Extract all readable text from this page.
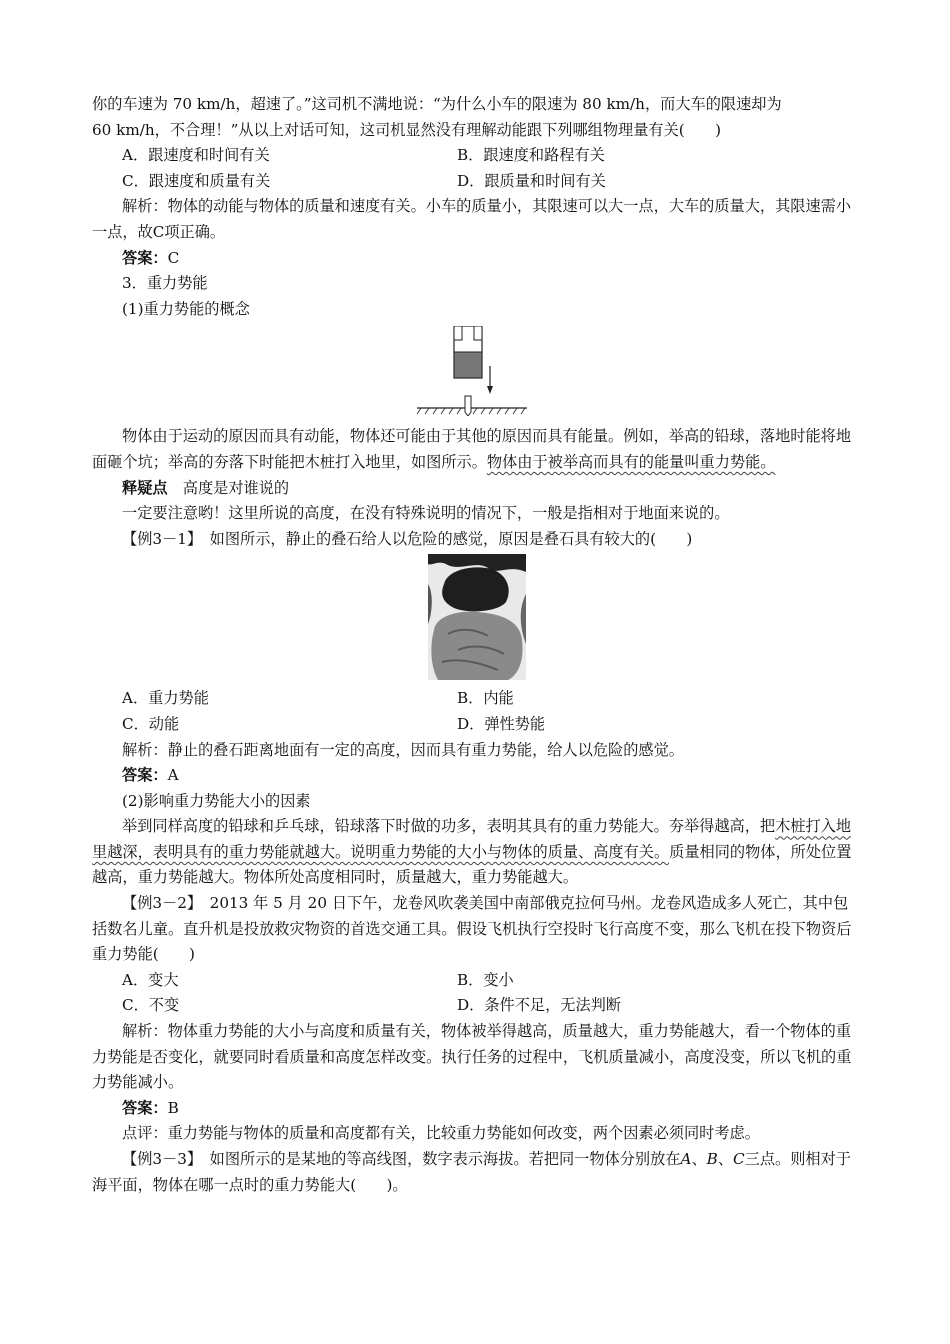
你的车速为 70 km/h，超速了。”这司机不满地说：“为什么小车的限速为 80 km/h，而大车的限速却为

60 km/h，不合理！”从以上对话可知，这司机显然没有理解动能跟下列哪组物理量有关(　　)

A．跟速度和时间有关	B．跟速度和路程有关
C．跟速度和质量有关	D．跟质量和时间有关

解析：物体的动能与物体的质量和速度有关。小车的质量小，其限速可以大一点，大车的质量大，其限速需小一点，故C项正确。

答案：C

3．重力势能

(1)重力势能的概念

物体由于运动的原因而具有动能，物体还可能由于其他的原因而具有能量。例如，举高的铅球，落地时能将地面砸个坑；举高的夯落下时能把木桩打入地里，如图所示。物体由于被举高而具有的能量叫重力势能。

释疑点　 高度是对谁说的

一定要注意哟！这里所说的高度，在没有特殊说明的情况下，一般是指相对于地面来说的。

【例3－1】　如图所示，静止的叠石给人以危险的感觉，原因是叠石具有较大的(　　)

A．重力势能	B．内能
C．动能	D．弹性势能

解析：静止的叠石距离地面有一定的高度，因而具有重力势能，给人以危险的感觉。

答案：A

(2)影响重力势能大小的因素

举到同样高度的铅球和乒乓球，铅球落下时做的功多，表明其具有的重力势能大。夯举得越高，把木桩打入地里越深，表明具有的重力势能就越大。说明重力势能的大小与物体的质量、高度有关。质量相同的物体，所处位置越高，重力势能越大。物体所处高度相同时，质量越大，重力势能越大。

【例3－2】　2013 年 5 月 20 日下午，龙卷风吹袭美国中南部俄克拉何马州。龙卷风造成多人死亡，其中包括数名儿童。直升机是投放救灾物资的首选交通工具。假设飞机执行空投时飞行高度不变，那么飞机在投下物资后重力势能(　　)

A．变大	B．变小
C．不变	D．条件不足，无法判断

解析：物体重力势能的大小与高度和质量有关，物体被举得越高，质量越大，重力势能越大，看一个物体的重力势能是否变化，就要同时看质量和高度怎样改变。执行任务的过程中，飞机质量减小，高度没变，所以飞机的重力势能减小。

答案：B

点评：重力势能与物体的质量和高度都有关，比较重力势能如何改变，两个因素必须同时考虑。

【例3－3】　如图所示的是某地的等高线图，数字表示海拔。若把同一物体分别放在A、B、C三点。则相对于海平面，物体在哪一点时的重力势能大(　　)。
